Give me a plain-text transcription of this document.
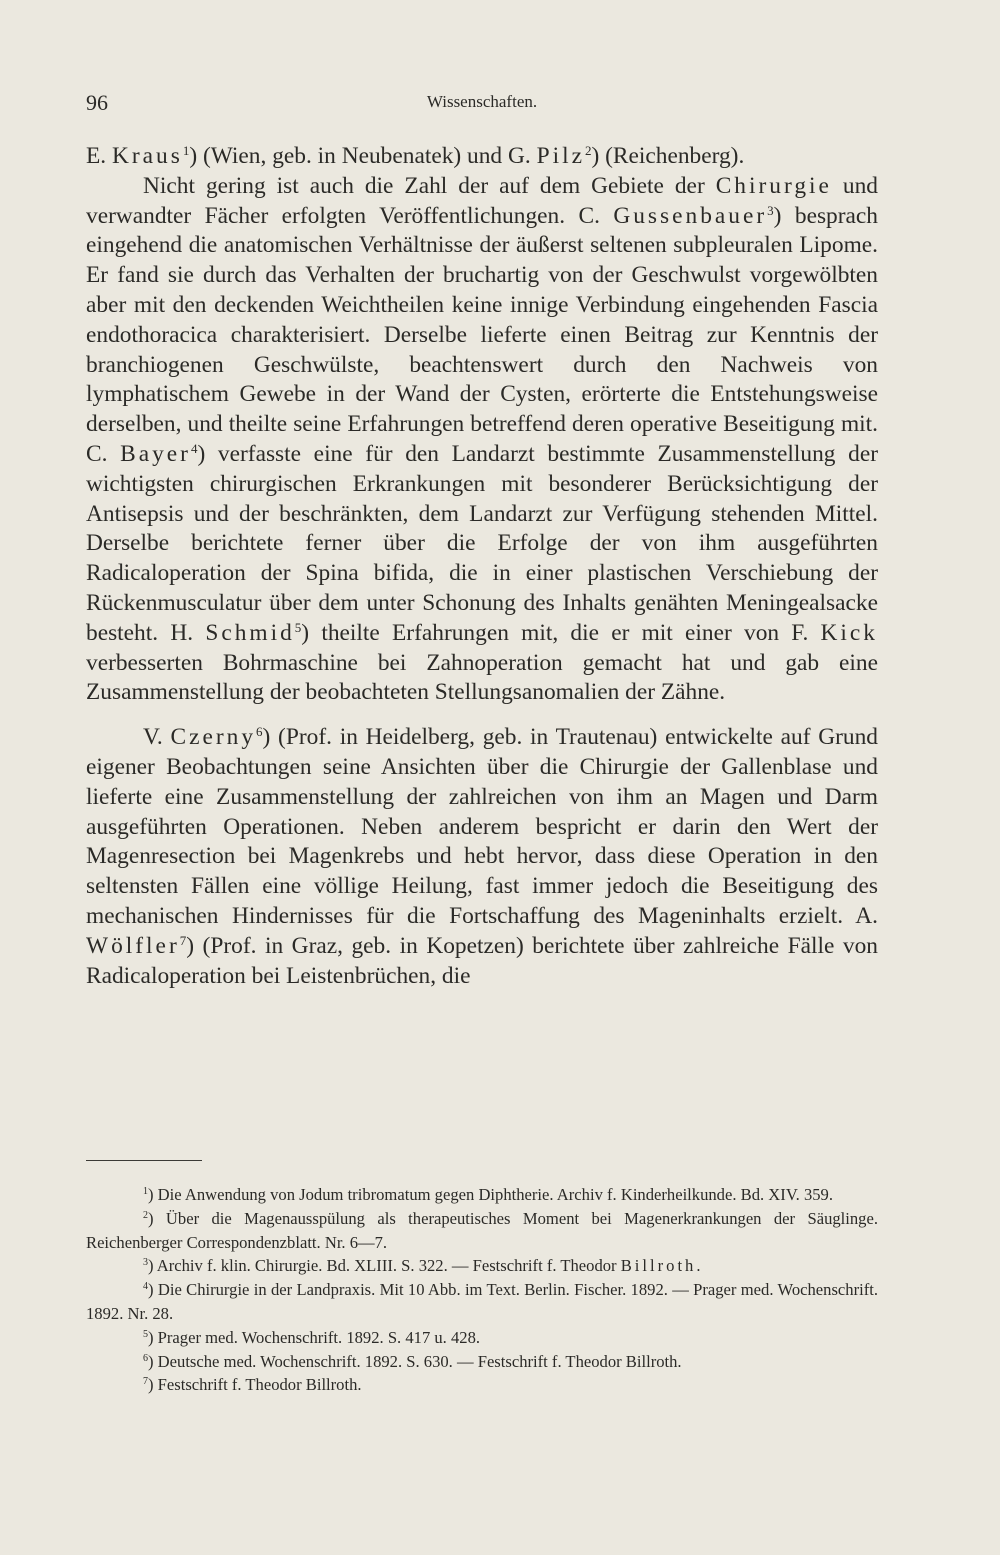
96	Wissenschaften.

E. Kraus$^1$) (Wien, geb. in Neubenatek) und G. Pilz$^2$) (Reichenberg).

Nicht gering ist auch die Zahl der auf dem Gebiete der Chirurgie und verwandter Fächer erfolgten Veröffentlichungen. C. Gussenbauer$^3$) besprach eingehend die anatomischen Verhältnisse der äußerst seltenen subpleuralen Lipome. Er fand sie durch das Verhalten der bruchartig von der Geschwulst vorgewölbten aber mit den deckenden Weichtheilen keine innige Verbindung eingehenden Fascia endothoracica charakterisiert. Derselbe lieferte einen Beitrag zur Kenntnis der branchiogenen Geschwülste, beachtenswert durch den Nachweis von lymphatischem Gewebe in der Wand der Cysten, erörterte die Entstehungsweise derselben, und theilte seine Erfahrungen betreffend deren operative Beseitigung mit. C. Bayer$^4$) verfasste eine für den Landarzt bestimmte Zusammenstellung der wichtigsten chirurgischen Erkrankungen mit besonderer Berücksichtigung der Antisepsis und der beschränkten, dem Landarzt zur Verfügung stehenden Mittel. Derselbe berichtete ferner über die Erfolge der von ihm ausgeführten Radicaloperation der Spina bifida, die in einer plastischen Verschiebung der Rückenmusculatur über dem unter Schonung des Inhalts genähten Meningealsacke besteht. H. Schmid$^5$) theilte Erfahrungen mit, die er mit einer von F. Kick verbesserten Bohrmaschine bei Zahnoperation gemacht hat und gab eine Zusammenstellung der beobachteten Stellungsanomalien der Zähne.

V. Czerny$^6$) (Prof. in Heidelberg, geb. in Trautenau) entwickelte auf Grund eigener Beobachtungen seine Ansichten über die Chirurgie der Gallenblase und lieferte eine Zusammenstellung der zahlreichen von ihm an Magen und Darm ausgeführten Operationen. Neben anderem bespricht er darin den Wert der Magenresection bei Magenkrebs und hebt hervor, dass diese Operation in den seltensten Fällen eine völlige Heilung, fast immer jedoch die Beseitigung des mechanischen Hindernisses für die Fortschaffung des Mageninhalts erzielt. A. Wölfler$^7$) (Prof. in Graz, geb. in Kopetzen) berichtete über zahlreiche Fälle von Radicaloperation bei Leistenbrüchen, die

$^1$) Die Anwendung von Jodum tribromatum gegen Diphtherie. Archiv f. Kinderheilkunde. Bd. XIV. 359.

$^2$) Über die Magenausspülung als therapeutisches Moment bei Magenerkrankungen der Säuglinge. Reichenberger Correspondenzblatt. Nr. 6—7.

$^3$) Archiv f. klin. Chirurgie. Bd. XLIII. S. 322. — Festschrift f. Theodor Billroth.

$^4$) Die Chirurgie in der Landpraxis. Mit 10 Abb. im Text. Berlin. Fischer. 1892. — Prager med. Wochenschrift. 1892. Nr. 28.

$^5$) Prager med. Wochenschrift. 1892. S. 417 u. 428.

$^6$) Deutsche med. Wochenschrift. 1892. S. 630. — Festschrift f. Theodor Billroth.

$^7$) Festschrift f. Theodor Billroth.
